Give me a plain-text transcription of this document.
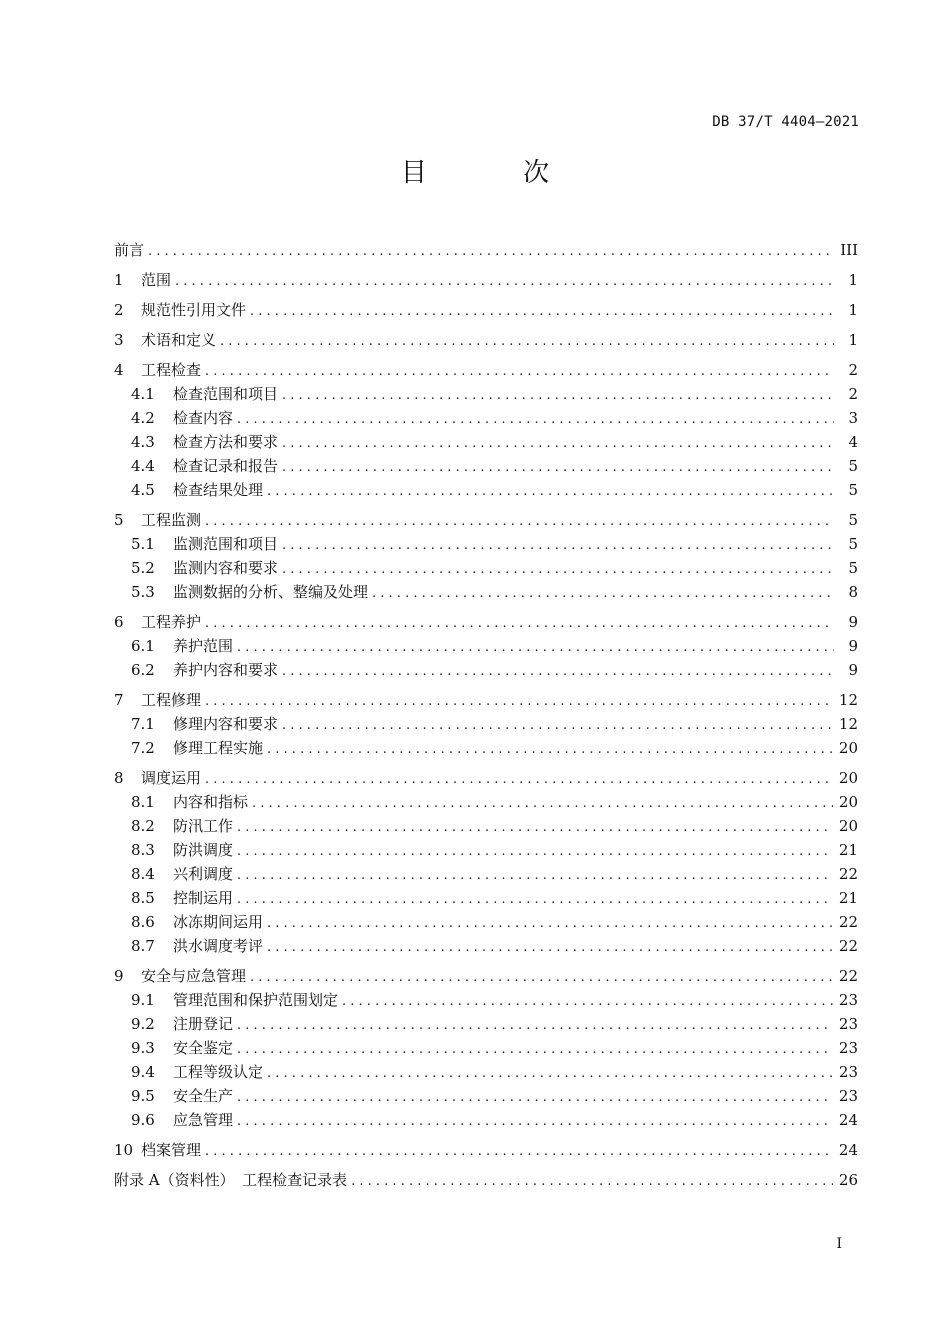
DB 37/T 4404—2021
目 次
前言 . . .	III
1	范围 . . .	1
2	规范性引用文件 . . .	1
3	术语和定义 . . .	1
4	工程检查 . . .	2
4.1	检查范围和项目 . . .	2
4.2	检查内容 . . .	3
4.3	检查方法和要求 . . .	4
4.4	检查记录和报告 . . .	5
4.5	检查结果处理 . . .	5
5	工程监测 . . .	5
5.1	监测范围和项目 . . .	5
5.2	监测内容和要求 . . .	5
5.3	监测数据的分析、整编及处理 . . .	8
6	工程养护 . . .	9
6.1	养护范围 . . .	9
6.2	养护内容和要求 . . .	9
7	工程修理 . . .	12
7.1	修理内容和要求 . . .	12
7.2	修理工程实施 . . .	20
8	调度运用 . . .	20
8.1	内容和指标 . . .	20
8.2	防汛工作 . . .	20
8.3	防洪调度 . . .	21
8.4	兴利调度 . . .	22
8.5	控制运用 . . .	21
8.6	冰冻期间运用 . . .	22
8.7	洪水调度考评 . . .	22
9	安全与应急管理 . . .	22
9.1	管理范围和保护范围划定 . . .	23
9.2	注册登记 . . .	23
9.3	安全鉴定 . . .	23
9.4	工程等级认定 . . .	23
9.5	安全生产 . . .	23
9.6	应急管理 . . .	24
10 档案管理 . . .	24
附录 A（资料性）　工程检查记录表 . . .	26
I
